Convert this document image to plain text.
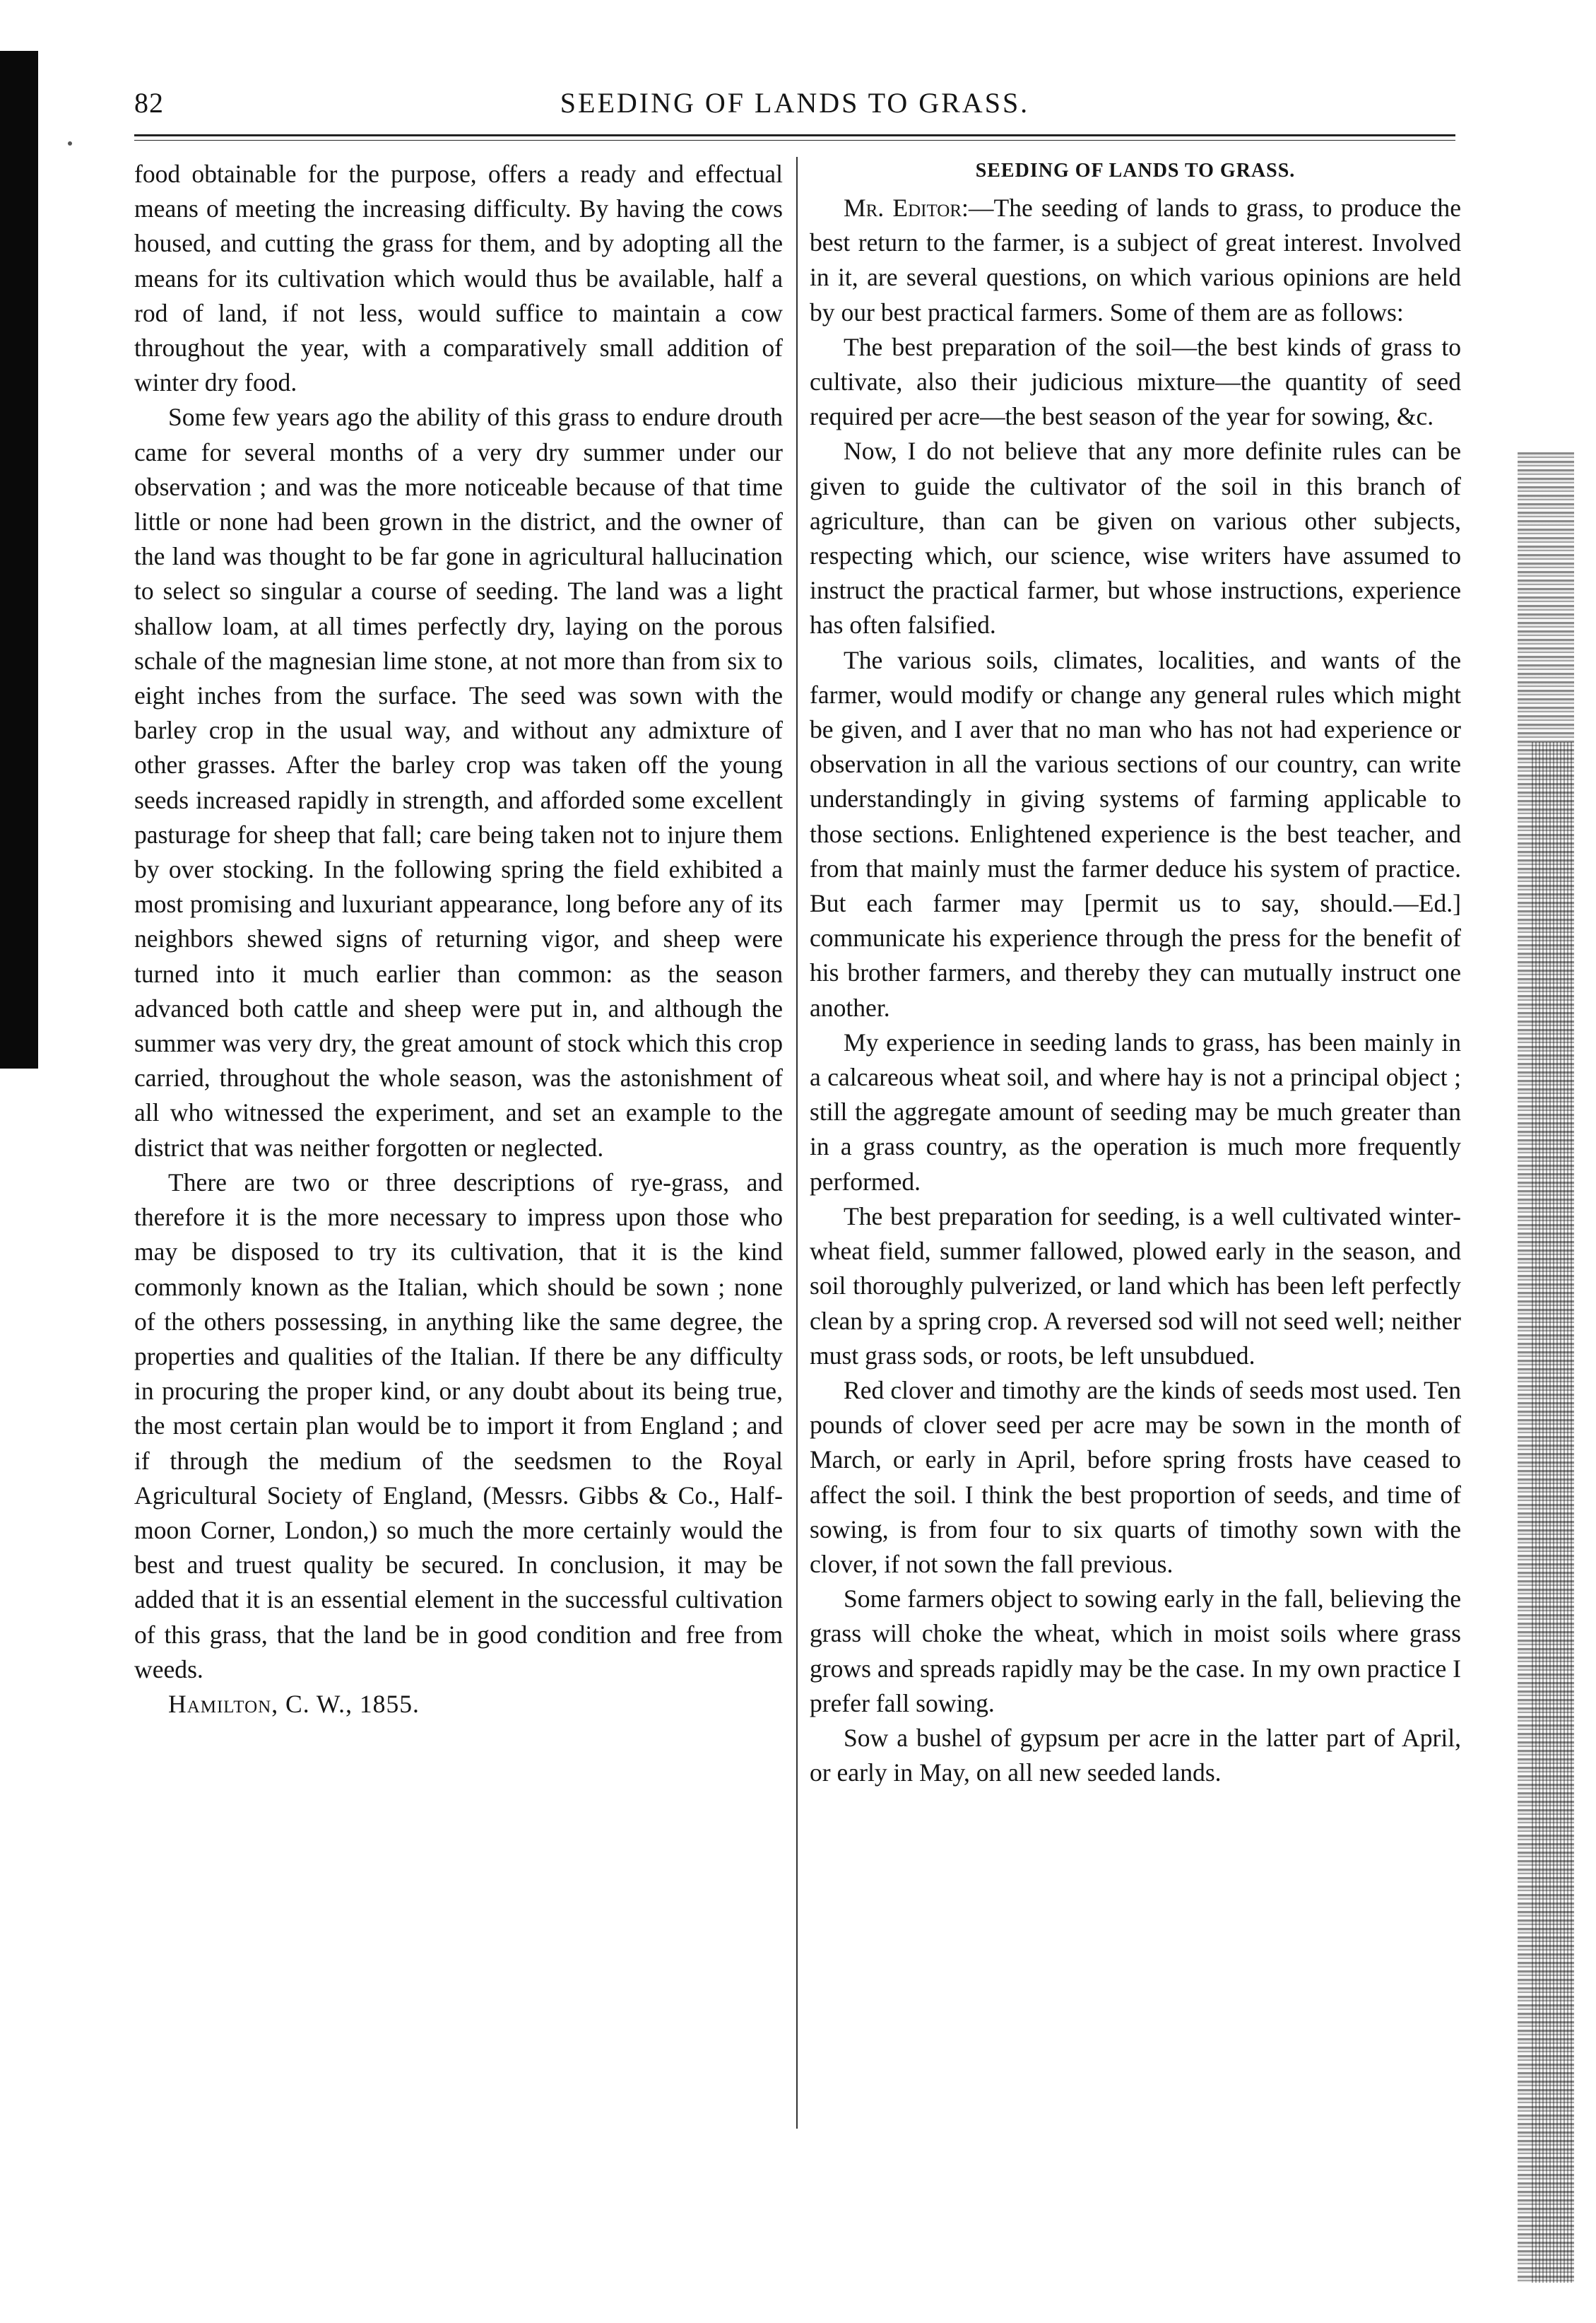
82	SEEDING OF LANDS TO GRASS.

food obtainable for the purpose, offers a ready and effectual means of meeting the increasing difficulty. By having the cows housed, and cutting the grass for them, and by adopting all the means for its cultivation which would thus be available, half a rod of land, if not less, would suffice to maintain a cow throughout the year, with a comparatively small addition of winter dry food.

Some few years ago the ability of this grass to endure drouth came for several months of a very dry summer under our observation ; and was the more noticeable because of that time little or none had been grown in the district, and the owner of the land was thought to be far gone in agricultural hallucination to select so singular a course of seeding. The land was a light shallow loam, at all times perfectly dry, laying on the porous schale of the magnesian lime stone, at not more than from six to eight inches from the surface. The seed was sown with the barley crop in the usual way, and without any admixture of other grasses. After the barley crop was taken off the young seeds increased rapidly in strength, and afforded some excellent pasturage for sheep that fall; care being taken not to injure them by over stocking. In the following spring the field exhibited a most promising and luxuriant appearance, long before any of its neighbors shewed signs of returning vigor, and sheep were turned into it much earlier than common: as the season advanced both cattle and sheep were put in, and although the summer was very dry, the great amount of stock which this crop carried, throughout the whole season, was the astonishment of all who witnessed the experiment, and set an example to the district that was neither forgotten or neglected.

There are two or three descriptions of rye-grass, and therefore it is the more necessary to impress upon those who may be disposed to try its cultivation, that it is the kind commonly known as the Italian, which should be sown ; none of the others possessing, in anything like the same degree, the properties and qualities of the Italian. If there be any difficulty in procuring the proper kind, or any doubt about its being true, the most certain plan would be to import it from England ; and if through the medium of the seedsmen to the Royal Agricultural Society of England, (Messrs. Gibbs & Co., Half-moon Corner, London,) so much the more certainly would the best and truest quality be secured. In conclusion, it may be added that it is an essential element in the successful cultivation of this grass, that the land be in good condition and free from weeds.

Hamilton, C. W., 1855.

SEEDING OF LANDS TO GRASS.

Mr. Editor:—The seeding of lands to grass, to produce the best return to the farmer, is a subject of great interest. Involved in it, are several questions, on which various opinions are held by our best practical farmers. Some of them are as follows:

The best preparation of the soil—the best kinds of grass to cultivate, also their judicious mixture—the quantity of seed required per acre—the best season of the year for sowing, &c.

Now, I do not believe that any more definite rules can be given to guide the cultivator of the soil in this branch of agriculture, than can be given on various other subjects, respecting which, our science, wise writers have assumed to instruct the practical farmer, but whose instructions, experience has often falsified.

The various soils, climates, localities, and wants of the farmer, would modify or change any general rules which might be given, and I aver that no man who has not had experience or observation in all the various sections of our country, can write understandingly in giving systems of farming applicable to those sections. Enlightened experience is the best teacher, and from that mainly must the farmer deduce his system of practice. But each farmer may [permit us to say, should.—Ed.] communicate his experience through the press for the benefit of his brother farmers, and thereby they can mutually instruct one another.

My experience in seeding lands to grass, has been mainly in a calcareous wheat soil, and where hay is not a principal object ; still the aggregate amount of seeding may be much greater than in a grass country, as the operation is much more frequently performed.

The best preparation for seeding, is a well cultivated winter-wheat field, summer fallowed, plowed early in the season, and soil thoroughly pulverized, or land which has been left perfectly clean by a spring crop. A reversed sod will not seed well; neither must grass sods, or roots, be left unsubdued.

Red clover and timothy are the kinds of seeds most used. Ten pounds of clover seed per acre may be sown in the month of March, or early in April, before spring frosts have ceased to affect the soil. I think the best proportion of seeds, and time of sowing, is from four to six quarts of timothy sown with the clover, if not sown the fall previous.

Some farmers object to sowing early in the fall, believing the grass will choke the wheat, which in moist soils where grass grows and spreads rapidly may be the case. In my own practice I prefer fall sowing.

Sow a bushel of gypsum per acre in the latter part of April, or early in May, on all new seeded lands.
